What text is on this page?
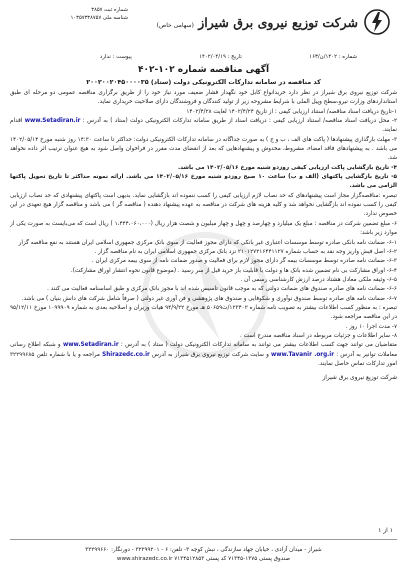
شماره ثبت ۳۸۵۷
شناسه ملی ۱۰۳۵۷۳۳۸۷۵۷	شرکت توزیع نیروی برق شیراز (سهامی خاص)
شماره : ۱۴۰۲/ن/۱۶۳
تاریخ : ۱۴۰۲/۰۴/۱۹
پیوست : ندارد
آگهی مناقصه شماره ۱۰۲-۴۰۲
کد مناقصه در سامانه تدارکات الکترونیکی دولت (ستاد) ۲۰۰۲۰۰۲۰۴۵۰۰۰۰۳۵

شرکت توزیع نیروی برق شیراز در نظر دارد خریدانواع کابل خود نگهدار فشار ضعیف مورد نیاز خود را از طریق برگزاری مناقصه عمومی دو مرحله ای طبق استانداردهای وزارت نیرو،سطح وپیل الملی با شرایط مشروحه زیر از تولید کنندگان و فروشندگان دارای صلاحیت خریداری نماید.

۱-تاریخ دریافت اسناد مناقصه/ استناد ارزیابی کیفی : از تاریخ ۱۴۰۲/۴/۲۴ لغایت ۱۴۰۲/۴/۲۸

۲- محل دریافت اسناد مناقصه/ استناد ارزیابی کیفی : دریافت اسناد از طریق سامانه تدارکات الکترونیکی دولت (ستاد ) به آدرس : www.Setadiran.ir اقدام نمایند.

۳- مهلت بارگذاری پیشنهادها ( پاکت های الف ، ب و ج ) به صورت جداگانه در سامانه تدارکات الکترونیکی دولت: حداکثر تا ساعت ۱۴:۳۰ روز شنبه مورخ ۱۴۰۲/۰۵/۱۴ می باشد . به پیشنهادهای فاقد امضاء، مشروط، مخدوش و پیشنهادهایی که بعد از انقضای مدت مقرر در فراخوان واصل شود به هیچ عنوان ترتیب اثر داده نخواهد شد.

۴- تاریخ بازگشایی پاکت ارزیابی کیفی روزدو شنبه مورخ ۱۴۰۲/۰۵/۱۶ می باشد.

۵- تاریخ بازگشایی پاکتهای (الف و ب) ساعت ۱۰ صبح روزدو شنبه مورخ ۱۴۰۲/۰۵/۱۶ می باشد. ارائه نمونه حداکثر تا تاریخ تحویل پاکتها الزامی می باشد.

تبصره :مناقصه‌گزار مجاز است پیشنهادهای که حد نصاب لازم ارزیابی کیفی را کسب ننموده اند بازگشایی نماید. بدیهی است پاکتهای پیشنهادی که حد نصاب ارزیابی کیفی را کسب نموده اند بازگشایی نخواهد شد و کلیه هزینه های شرکت در مناقصه به عهده پیشنهاد دهنده ( مناقصه گر ) می باشد و مناقصه گزار هیچ تعهدی در این خصوص ندارد.

۶- مبلغ تضمین شرکت در مناقصه : مبلغ یک میلیارد و چهارصد و چهل و چهار میلیون و شصت هزار ریال (۱،۴۴۴،۰۶۰،۰۰۰ ) ریال است که می‌بایست به صورت یکی از موارد زیر باشد:

۶-۱- ضمانت نامه بانکی صادره توسط موسسات اعتباری غیر بانکی که دارای مجوز فعالیت از سوی بانک مرکزی جمهوری اسلامی ایران هستند به نفع مناقصه گزار

۶-۲- اصل فیش واریز وجه نقد به حساب شماره ۲۱۰۱۲۷۲۱۶۴۴۱۱۲۷ نزد بانک مرکزی جمهوری اسلامی ایران به نام مناقصه گزار .

۶-۳- ضمانت نامه صادره توسط موسسات بیمه گر دارای مجوز لازم برای فعالیت و صدور ضمانت نامه از سوی بیمه مرکزی ایران .

۶-۴- اوراق مشارکت بی نام تضمین شده بانک ها و دولت با قابلیت باز خرید قبل از سر رسید . (موضوع قانون نحوه انتشار اوراق مشارکت).

۶-۵- وثیقه ملکی معادل هشتاد درصد ارزش کارشناسی رسمی آن .

۶-۶- ضمانت نامه های صادره صندوق های ضمانت دولتی که به موجب قانون تاسیس شده اند با مجوز بانک مرکزی و طبق اساسنامه فعالیت می کنند .

۶-۷- ضمانت نامه های صادره توسط صندوق نوآوری و شکوفایی و صندوق های پژوهشی و فن آوری غیر دولتی ( صرفاً شامل شرکت های دانش بنیان ) می باشد.

تبصره : به منظور کسب اطلاعات بیشتر به تصویب نامه شماره ۱۲۳۴۰۲/ت۵۰۶۵۹ هـ مورخ ۹۴/۹/۲۲ هیات وزیران و اصلاحیه بعدی به شماره ۱۰۹۹۹۰۹ مورخ ۹۵/۱۲/۱۱ در این مناقصه مراجعه شود.

۷- مدت اجرا ۱۰ روز .

۸- سایر اطلاعات و جزئیات مربوطه در اسناد مناقصه مندرج است .

متقاضیان می توانند جهت کسب اطلاعات بیشتر می توانند به سامانه تدارکات الکترونیکی دولت ( ستاد ) به آدرس : www.Setadiran.ir و شبکه اطلاع رسانی معاملات توانیر به آدرس : www.Tavanir .org.ir و سایت شرکت توزیع نیروی برق شیراز به آدرس Shirazedc.co.ir مراجعه و یا با شماره تلفن ۳۲۲۹۹۶۸۵ امور تدارکات تماس حاصل نمایند.

شرکت توزیع نیروی برق شیراز
۱ از ۱
شیراز - میدان آزادی ، خیابان جهاد سازندگی ، نبش کوچه ۳- تلفن: ۶ - ۳۲۲۹۹۲۰۱ - دورنگار: ۳۲۲۹۹۶۶۰
صندوق پستی ۱۳۷۵-۷۱۳۴۵ کد پستی ۷۱۳۴۵۱۲۸۵۳ www.shirazedc.co.ir
